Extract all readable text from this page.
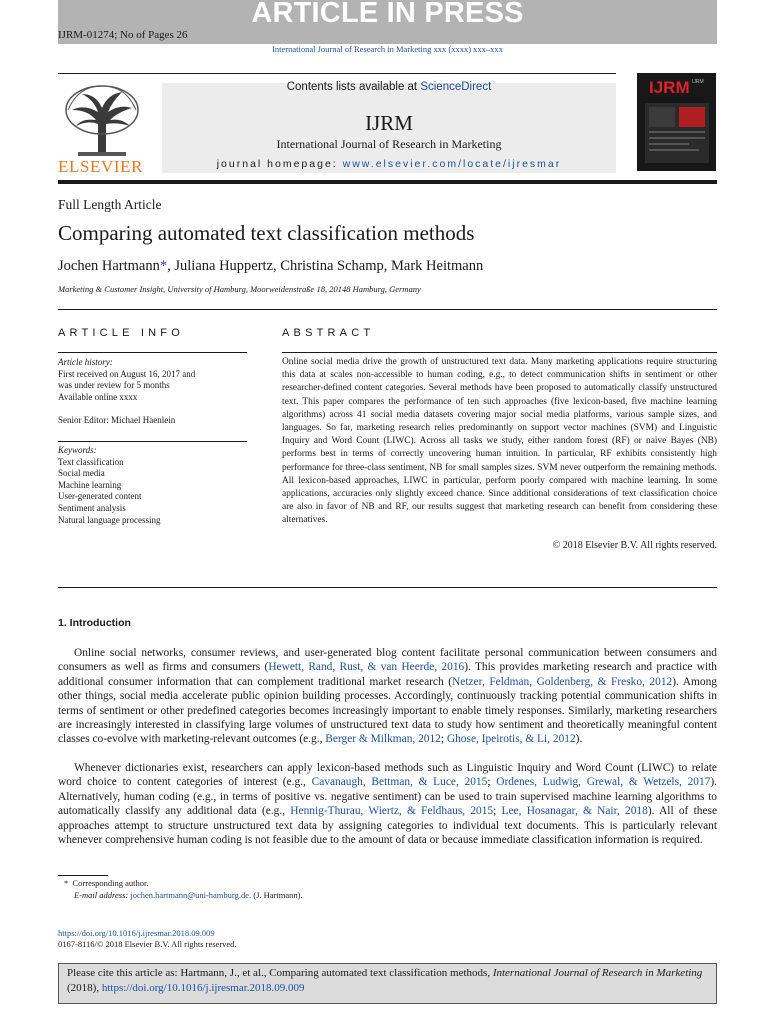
ARTICLE IN PRESS
IJRM-01274; No of Pages 26
International Journal of Research in Marketing xxx (xxxx) xxx–xxx
ELSEVIER
Contents lists available at ScienceDirect
IJRM
International Journal of Research in Marketing
journal homepage: www.elsevier.com/locate/ijresmar
IJRM IJRM
Full Length Article
Comparing automated text classification methods
Jochen Hartmann*, Juliana Huppertz, Christina Schamp, Mark Heitmann
Marketing & Customer Insight, University of Hamburg, Moorweidenstraße 18, 20148 Hamburg, Germany
ARTICLE INFO	ABSTRACT
Article history:
First received on August 16, 2017 and
was under review for 5 months
Available online xxxx
Senior Editor: Michael Haenlein
Keywords:
Text classification
Social media
Machine learning
User-generated content
Sentiment analysis
Natural language processing
Online social media drive the growth of unstructured text data. Many marketing applications require structuring this data at scales non-accessible to human coding, e.g., to detect communication shifts in sentiment or other researcher-defined content categories. Several methods have been proposed to automatically classify unstructured text. This paper compares the performance of ten such approaches (five lexicon-based, five machine learning algorithms) across 41 social media datasets covering major social media platforms, various sample sizes, and languages. So far, marketing research relies predominantly on support vector machines (SVM) and Linguistic Inquiry and Word Count (LIWC). Across all tasks we study, either random forest (RF) or naive Bayes (NB) performs best in terms of correctly uncovering human intuition. In particular, RF exhibits consistently high performance for three-class sentiment, NB for small samples sizes. SVM never outperform the remaining methods. All lexicon-based approaches, LIWC in particular, perform poorly compared with machine learning. In some applications, accuracies only slightly exceed chance. Since additional considerations of text classification choice are also in favor of NB and RF, our results suggest that marketing research can benefit from considering these alternatives.
© 2018 Elsevier B.V. All rights reserved.
1. Introduction

Online social networks, consumer reviews, and user-generated blog content facilitate personal communication between consumers and consumers as well as firms and consumers (Hewett, Rand, Rust, & van Heerde, 2016). This provides marketing research and practice with additional consumer information that can complement traditional market research (Netzer, Feldman, Goldenberg, & Fresko, 2012). Among other things, social media accelerate public opinion building processes. Accordingly, continuously tracking potential communication shifts in terms of sentiment or other predefined categories becomes increasingly important to enable timely responses. Similarly, marketing researchers are increasingly interested in classifying large volumes of unstructured text data to study how sentiment and theoretically meaningful content classes co-evolve with marketing-relevant outcomes (e.g., Berger & Milkman, 2012; Ghose, Ipeirotis, & Li, 2012).

Whenever dictionaries exist, researchers can apply lexicon-based methods such as Linguistic Inquiry and Word Count (LIWC) to relate word choice to content categories of interest (e.g., Cavanaugh, Bettman, & Luce, 2015; Ordenes, Ludwig, Grewal, & Wetzels, 2017). Alternatively, human coding (e.g., in terms of positive vs. negative sentiment) can be used to train supervised machine learning algorithms to automatically classify any additional data (e.g., Hennig-Thurau, Wiertz, & Feldhaus, 2015; Lee, Hosanagar, & Nair, 2018). All of these approaches attempt to structure unstructured text data by assigning categories to individual text documents. This is particularly relevant whenever comprehensive human coding is not feasible due to the amount of data or because immediate classification information is required.

* Corresponding author.
E-mail address: jochen.hartmann@uni-hamburg.de. (J. Hartmann).
https://doi.org/10.1016/j.ijresmar.2018.09.009
0167-8116/© 2018 Elsevier B.V. All rights reserved.
Please cite this article as: Hartmann, J., et al., Comparing automated text classification methods, International Journal of Research in Marketing (2018), https://doi.org/10.1016/j.ijresmar.2018.09.009
